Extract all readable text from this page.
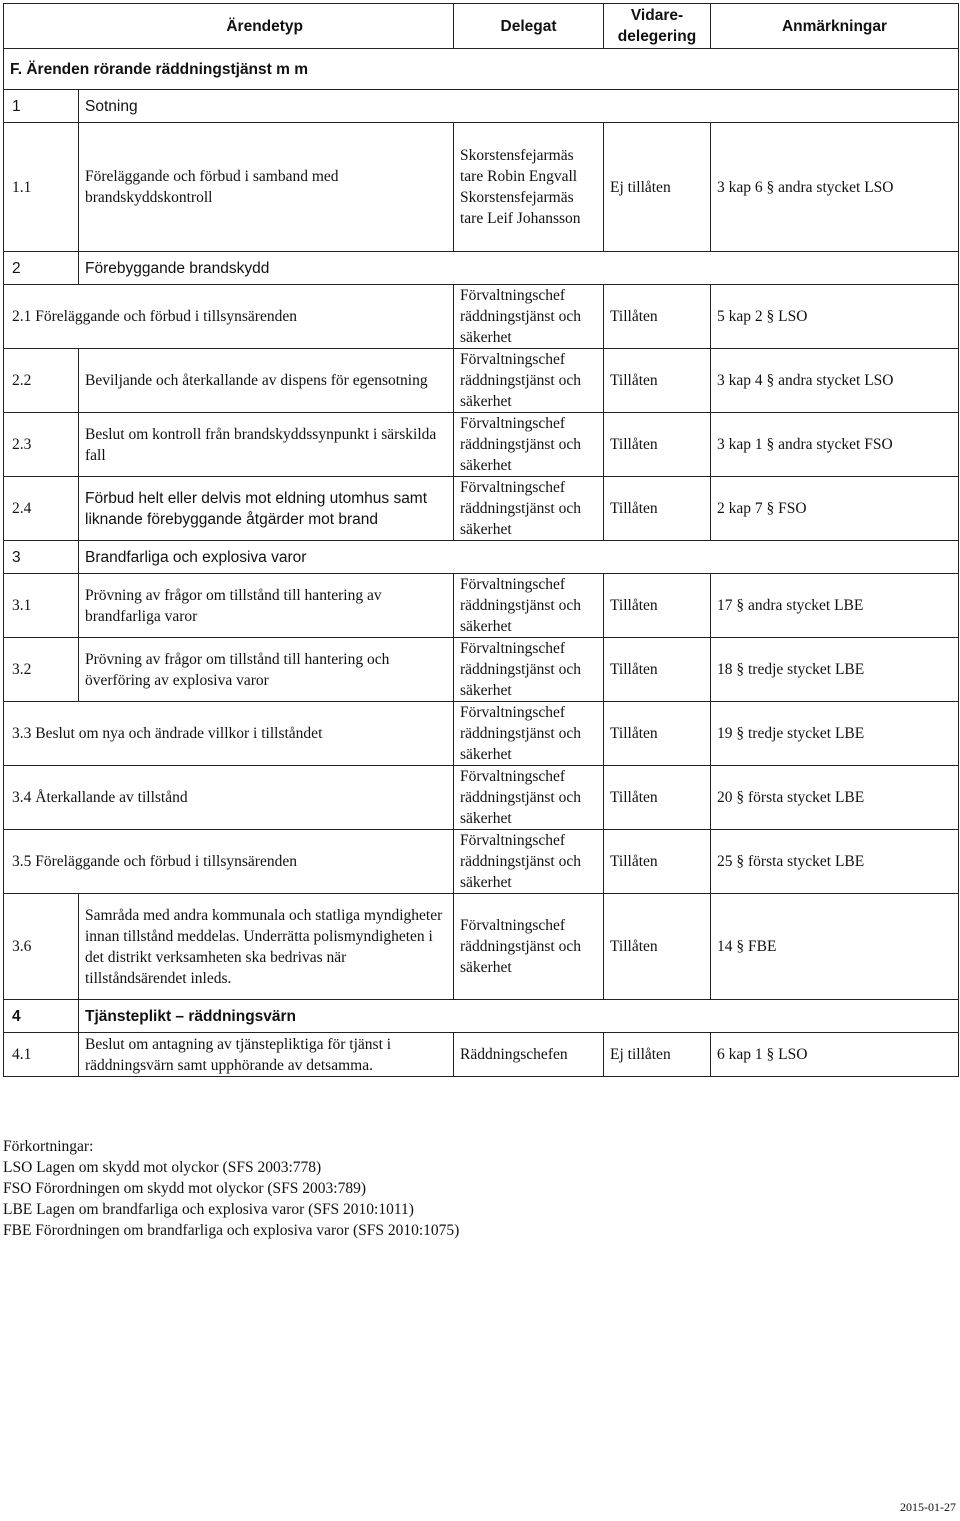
Ärendetyp		Delegat	Vidare-
delegering	Anmärkningar
F. Ärenden rörande räddningstjänst m m				
1	Sotning			
1.1	Föreläggande och förbud i samband med brandskyddskontroll	Skorstensfejarmäs tare Robin Engvall Skorstensfejarmäs tare Leif Johansson	Ej tillåten	3 kap 6 § andra stycket LSO
2	Förebyggande brandskydd			
2.1 Föreläggande och förbud i tillsynsärenden		Förvaltningschef räddningstjänst och säkerhet	Tillåten	5 kap 2 § LSO
2.2	Beviljande och återkallande av dispens för egensotning	Förvaltningschef räddningstjänst och säkerhet	Tillåten	3 kap 4 § andra stycket LSO
2.3	Beslut om kontroll från brandskyddssynpunkt i särskilda fall	Förvaltningschef räddningstjänst och säkerhet	Tillåten	3 kap 1 § andra stycket FSO
2.4	Förbud helt eller delvis mot eldning utomhus samt liknande förebyggande åtgärder mot brand	Förvaltningschef räddningstjänst och säkerhet	Tillåten	2 kap 7 § FSO
3	Brandfarliga och explosiva varor			
3.1	Prövning av frågor om tillstånd till hantering av brandfarliga varor	Förvaltningschef räddningstjänst och säkerhet	Tillåten	17 § andra stycket LBE
3.2	Prövning av frågor om tillstånd till hantering och överföring av explosiva varor	Förvaltningschef räddningstjänst och säkerhet	Tillåten	18 § tredje stycket LBE
3.3 Beslut om nya och ändrade villkor i tillståndet		Förvaltningschef räddningstjänst och säkerhet	Tillåten	19 § tredje stycket LBE
3.4 Återkallande av tillstånd		Förvaltningschef räddningstjänst och säkerhet	Tillåten	20 § första stycket LBE
3.5 Föreläggande och förbud i tillsynsärenden		Förvaltningschef räddningstjänst och säkerhet	Tillåten	25 § första stycket LBE
3.6	Samråda med andra kommunala och statliga myndigheter innan tillstånd meddelas. Underrätta polismyndigheten i det distrikt verksamheten ska bedrivas när tillståndsärendet inleds.	Förvaltningschef räddningstjänst och säkerhet	Tillåten	14 § FBE
4	Tjänsteplikt – räddningsvärn			
4.1	Beslut om antagning av tjänstepliktiga för tjänst i räddningsvärn samt upphörande av detsamma.	Räddningschefen	Ej tillåten	6 kap 1 § LSO
Förkortningar:
LSO Lagen om skydd mot olyckor (SFS 2003:778)
FSO Förordningen om skydd mot olyckor (SFS 2003:789)
LBE Lagen om brandfarliga och explosiva varor (SFS 2010:1011)
FBE Förordningen om brandfarliga och explosiva varor (SFS 2010:1075)
2015-01-27
